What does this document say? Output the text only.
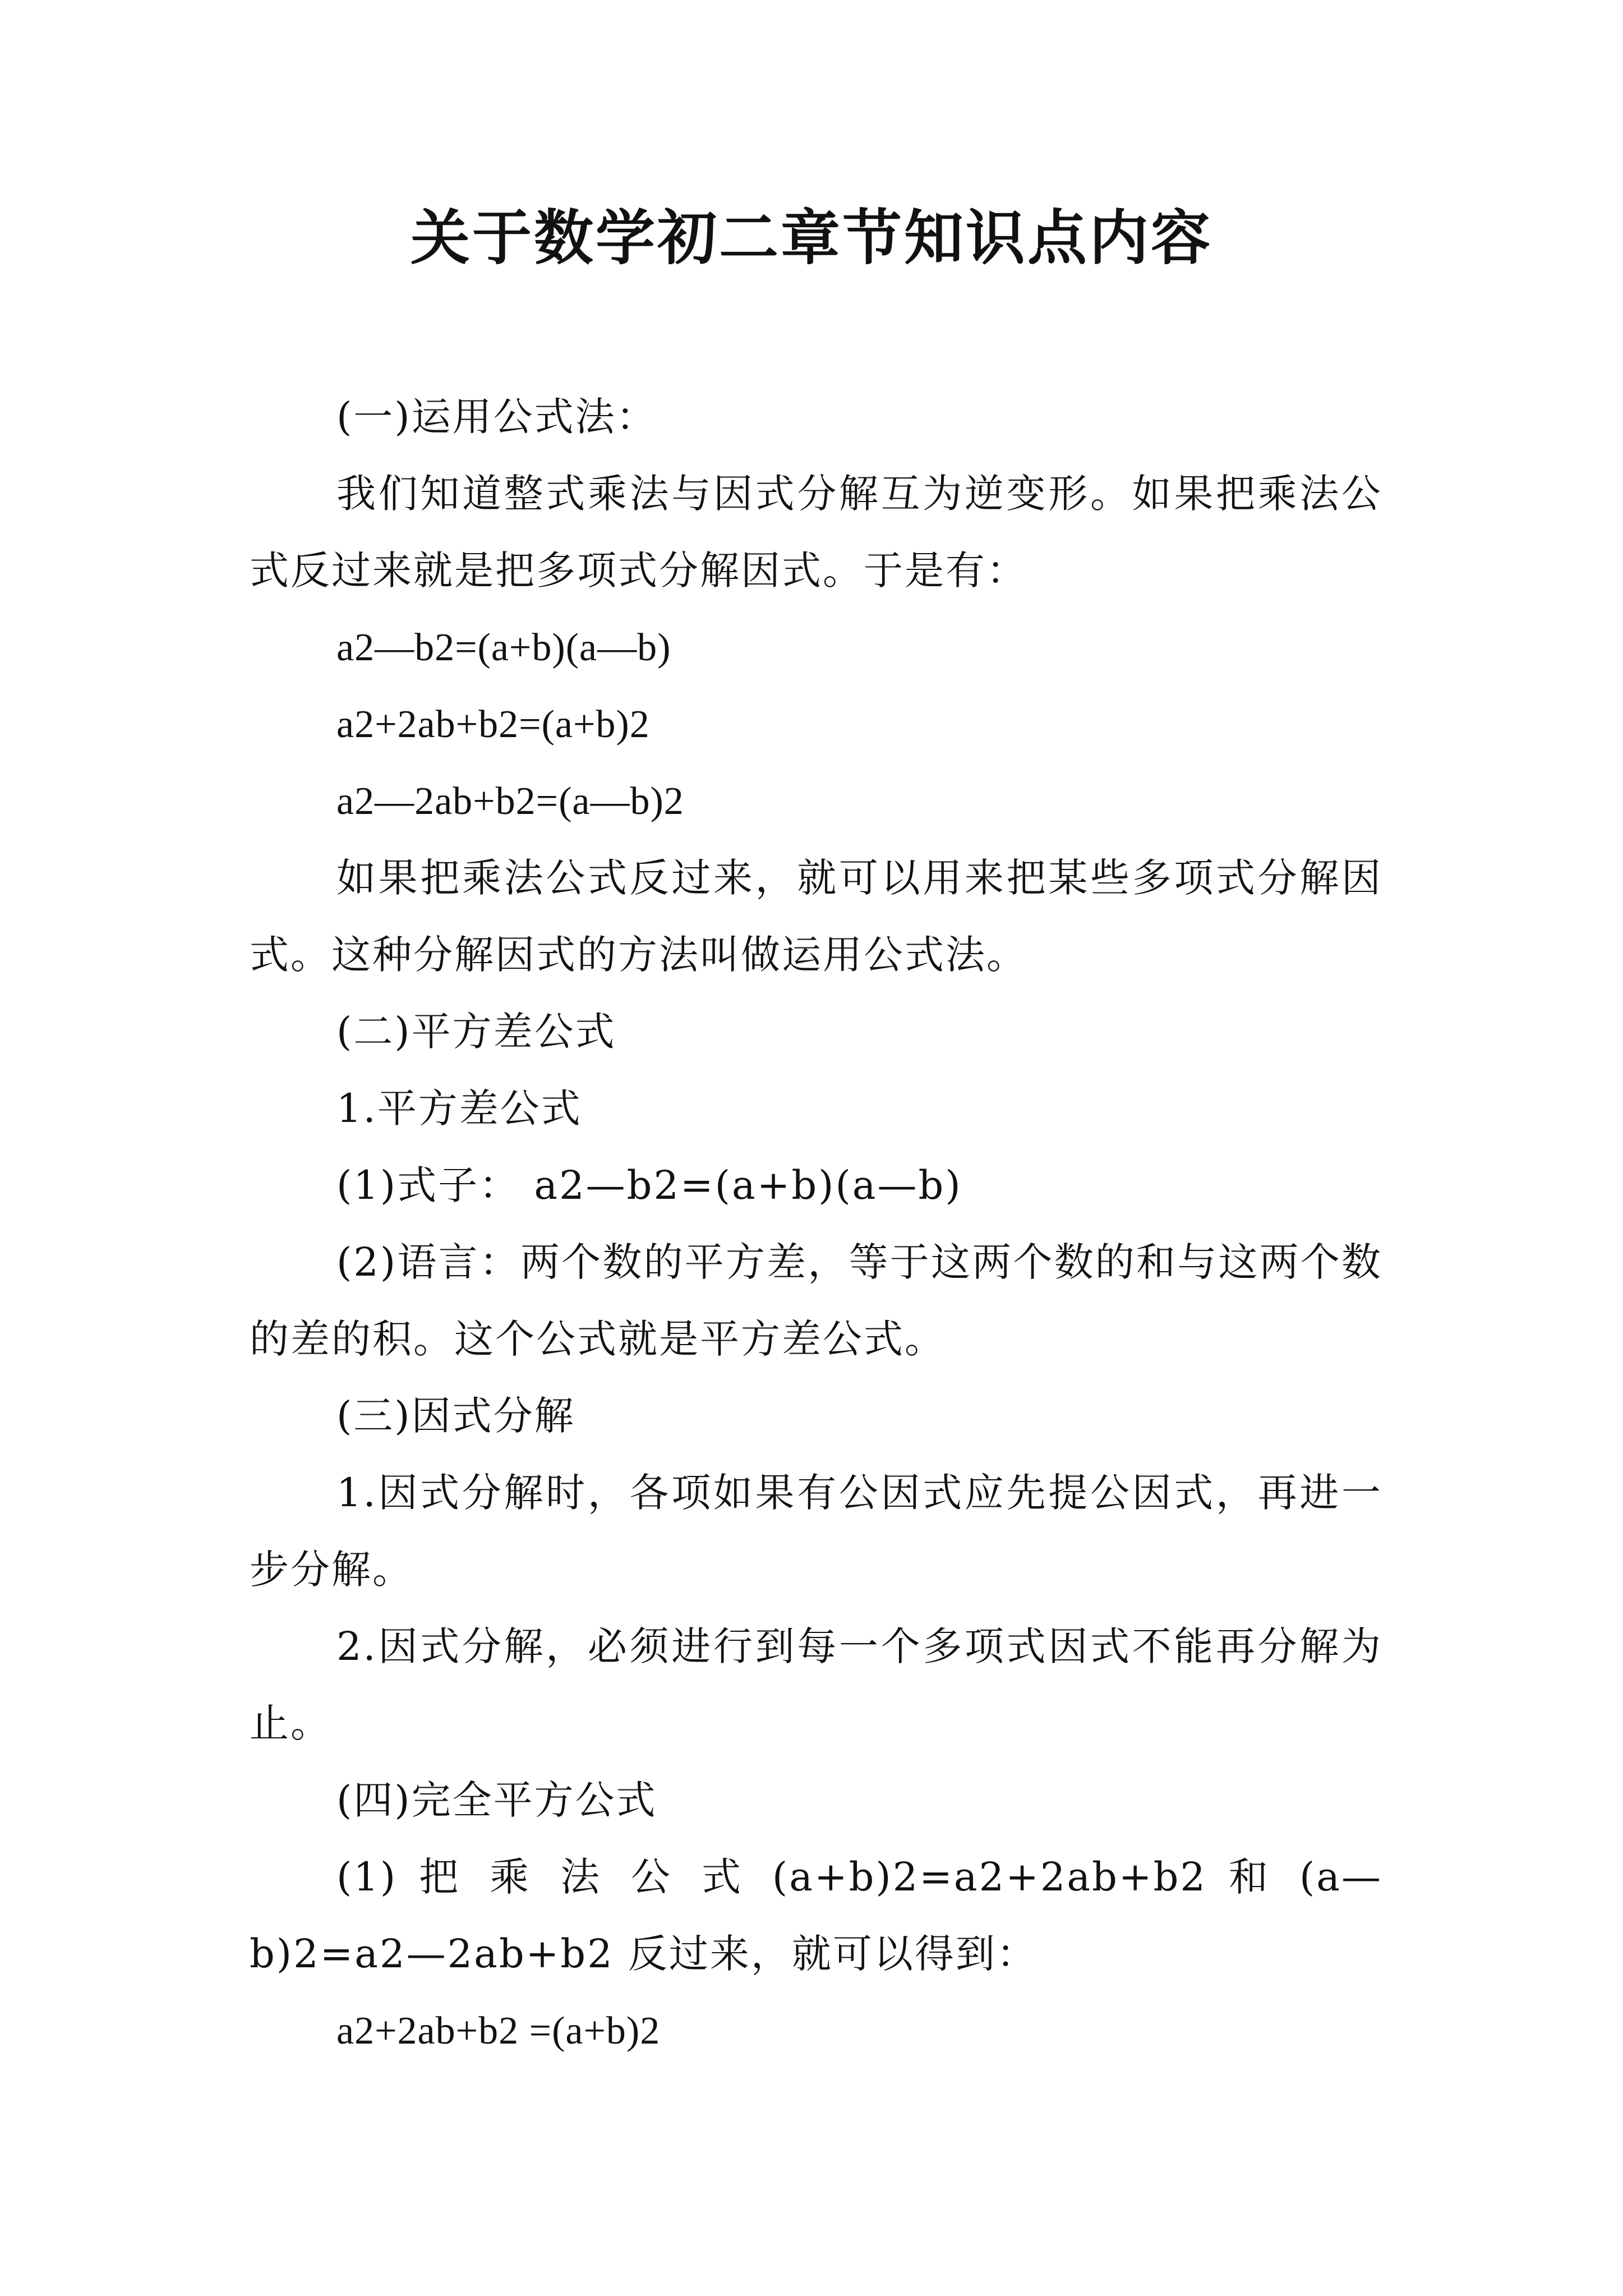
关于数学初二章节知识点内容

(一)运用公式法：

我们知道整式乘法与因式分解互为逆变形。如果把乘法公式反过来就是把多项式分解因式。于是有：

a2—b2=(a+b)(a—b)

a2+2ab+b2=(a+b)2

a2—2ab+b2=(a—b)2

如果把乘法公式反过来，就可以用来把某些多项式分解因式。这种分解因式的方法叫做运用公式法。

(二)平方差公式

1.平方差公式

(1)式子： a2—b2=(a+b)(a—b)

(2)语言：两个数的平方差，等于这两个数的和与这两个数的差的积。这个公式就是平方差公式。

(三)因式分解

1.因式分解时，各项如果有公因式应先提公因式，再进一步分解。

2.因式分解，必须进行到每一个多项式因式不能再分解为止。

(四)完全平方公式

(1) 把 乘 法 公 式 (a+b)2=a2+2ab+b2 和 (a—b)2=a2—2ab+b2 反过来，就可以得到：

a2+2ab+b2 =(a+b)2
